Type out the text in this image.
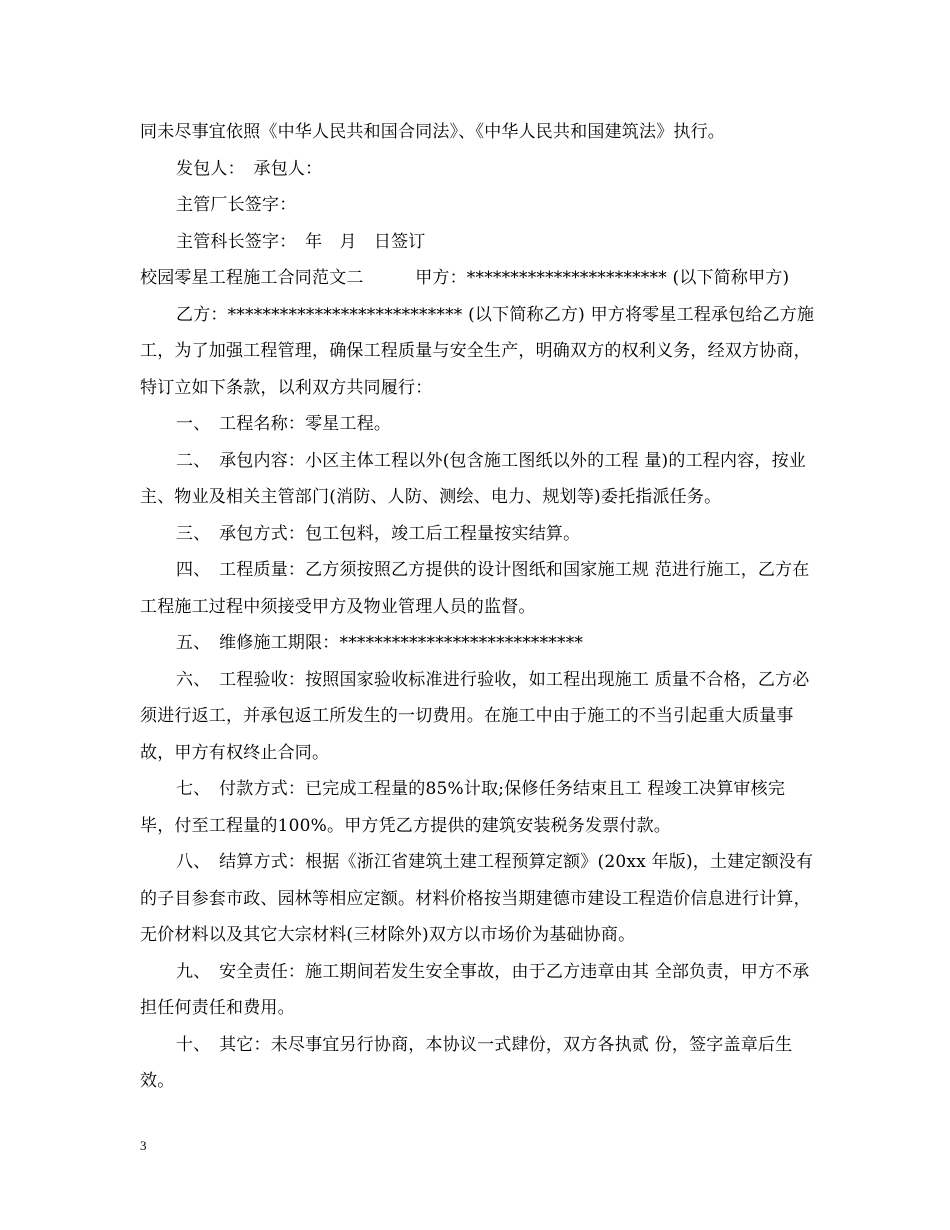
同未尽事宜依照《中华人民共和国合同法》、《中华人民共和国建筑法》执行。

发包人：　承包人：

主管厂长签字：

主管科长签字：　年　月　日签订

校园零星工程施工合同范文二　　　甲方：*********************** (以下简称甲方)

乙方：*************************** (以下简称乙方) 甲方将零星工程承包给乙方施工，为了加强工程管理，确保工程质量与安全生产，明确双方的权利义务，经双方协商，特订立如下条款，以利双方共同履行：

一、　工程名称：零星工程。

二、　承包内容：小区主体工程以外(包含施工图纸以外的工程 量)的工程内容，按业主、物业及相关主管部门(消防、人防、测绘、电力、规划等)委托指派任务。

三、　承包方式：包工包料，竣工后工程量按实结算。

四、　工程质量：乙方须按照乙方提供的设计图纸和国家施工规 范进行施工，乙方在工程施工过程中须接受甲方及物业管理人员的监督。

五、　维修施工期限：****************************

六、　工程验收：按照国家验收标准进行验收，如工程出现施工 质量不合格，乙方必须进行返工，并承包返工所发生的一切费用。在施工中由于施工的不当引起重大质量事故，甲方有权终止合同。

七、　付款方式：已完成工程量的85%计取;保修任务结束且工 程竣工决算审核完毕，付至工程量的100%。甲方凭乙方提供的建筑安装税务发票付款。

八、　结算方式：根据《浙江省建筑土建工程预算定额》(20xx 年版)，土建定额没有的子目参套市政、园林等相应定额。材料价格按当期建德市建设工程造价信息进行计算，无价材料以及其它大宗材料(三材除外)双方以市场价为基础协商。

九、　安全责任：施工期间若发生安全事故，由于乙方违章由其 全部负责，甲方不承担任何责任和费用。

十、　其它：未尽事宜另行协商，本协议一式肆份，双方各执贰 份，签字盖章后生效。

3
